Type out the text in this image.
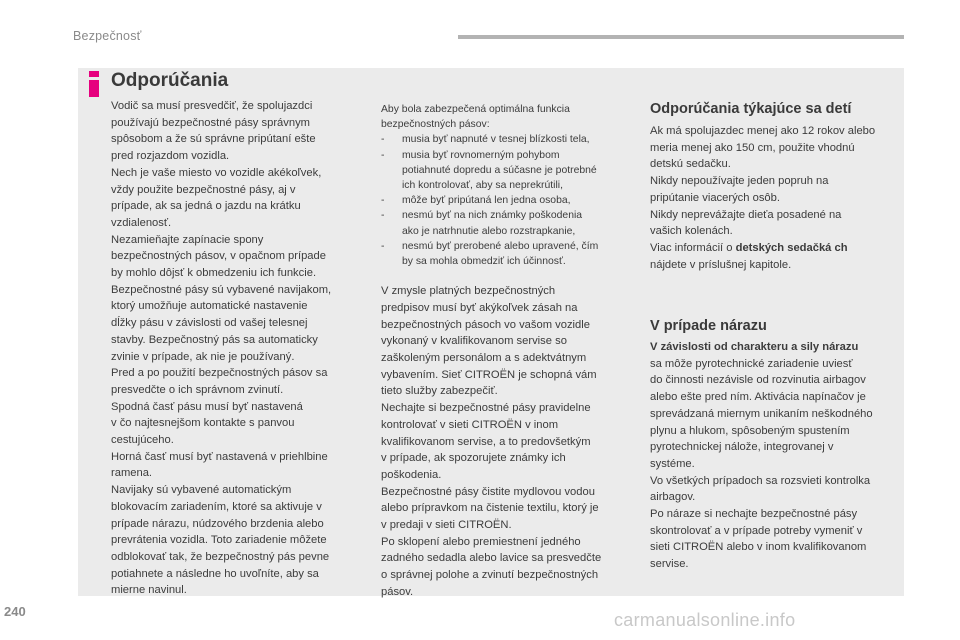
Bezpečnosť
Odporúčania

Vodič sa musí presvedčiť, že spolujazdci

používajú bezpečnostné pásy správnym

spôsobom a že sú správne pripútaní ešte

pred rozjazdom vozidla.

Nech je vaše miesto vo vozidle akékoľvek,

vždy použite bezpečnostné pásy, aj v

prípade, ak sa jedná o jazdu na krátku

vzdialenosť.

Nezamieňajte zapínacie spony

bezpečnostných pásov, v opačnom prípade

by mohlo dôjsť k obmedzeniu ich funkcie.

Bezpečnostné pásy sú vybavené navijakom,

ktorý umožňuje automatické nastavenie

dĺžky pásu v závislosti od vašej telesnej

stavby. Bezpečnostný pás sa automaticky

zvinie v prípade, ak nie je používaný.

Pred a po použití bezpečnostných pásov sa

presvedčte o ich správnom zvinutí.

Spodná časť pásu musí byť nastavená

v čo najtesnejšom kontakte s panvou

cestujúceho.

Horná časť musí byť nastavená v priehlbine

ramena.

Navijaky sú vybavené automatickým

blokovacím zariadením, ktoré sa aktivuje v

prípade nárazu, núdzového brzdenia alebo

prevrátenia vozidla. Toto zariadenie môžete

odblokovať tak, že bezpečnostný pás pevne

potiahnete a následne ho uvoľníte, aby sa

mierne navinul.

Aby bola zabezpečená optimálna funkcia

bezpečnostných pásov:

- musia byť napnuté v tesnej blízkosti tela,
- musia byť rovnomerným pohybom
potiahnuté dopredu a súčasne je potrebné
ich kontrolovať, aby sa neprekrútili,
- môže byť pripútaná len jedna osoba,
- nesmú byť na nich známky poškodenia
ako je natrhnutie alebo rozstrapkanie,
- nesmú byť prerobené alebo upravené, čím
by sa mohla obmedziť ich účinnosť.

V zmysle platných bezpečnostných

predpisov musí byť akýkoľvek zásah na

bezpečnostných pásoch vo vašom vozidle

vykonaný v kvalifikovanom servise so

zaškoleným personálom a s adektvátnym

vybavením. Sieť CITROËN je schopná vám

tieto služby zabezpečiť.

Nechajte si bezpečnostné pásy pravidelne

kontrolovať v sieti CITROËN v inom

kvalifikovanom servise, a to predovšetkým

v prípade, ak spozorujete známky ich

poškodenia.

Bezpečnostné pásy čistite mydlovou vodou

alebo prípravkom na čistenie textilu, ktorý je

v predaji v sieti CITROËN.

Po sklopení alebo premiestnení jedného

zadného sedadla alebo lavice sa presvedčte

o správnej polohe a zvinutí bezpečnostných

pásov.

Odporúčania týkajúce sa detí

Ak má spolujazdec menej ako 12 rokov alebo

meria menej ako 150 cm, použite vhodnú

detskú sedačku.

Nikdy nepoužívajte jeden popruh na

pripútanie viacerých osôb.

Nikdy neprevážajte dieťa posadené na

vašich kolenách.

Viac informácií o detských sedačká ch

nájdete v príslušnej kapitole.

V prípade nárazu

V závislosti od charakteru a sily nárazu

sa môže pyrotechnické zariadenie uviesť

do činnosti nezávisle od rozvinutia airbagov

alebo ešte pred ním. Aktivácia napínačov je

sprevádzaná miernym unikaním neškodného

plynu a hlukom, spôsobeným spustením

pyrotechnickej nálože, integrovanej v

systéme.

Vo všetkých prípadoch sa rozsvieti kontrolka

airbagov.

Po náraze si nechajte bezpečnostné pásy

skontrolovať a v prípade potreby vymeniť v

sieti CITROËN alebo v inom kvalifikovanom

servise.

240	carmanualsonline.info
